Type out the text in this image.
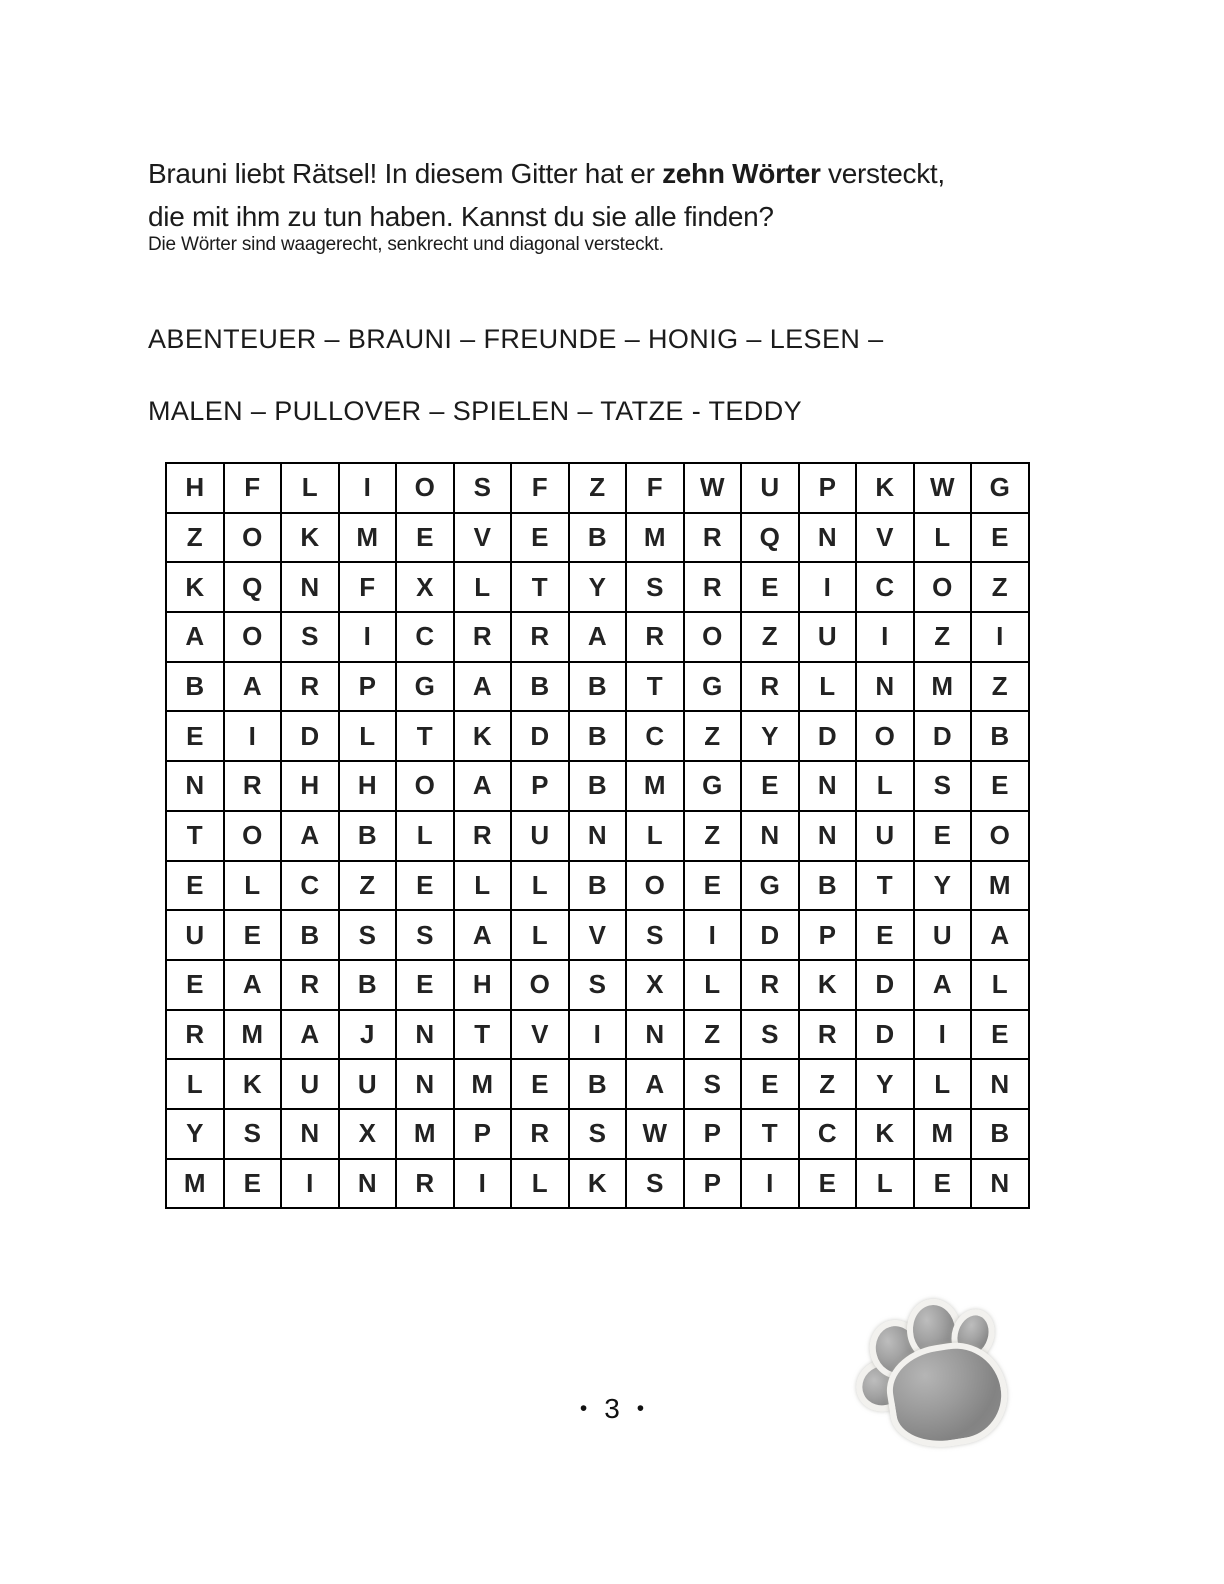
Brauni liebt Rätsel! In diesem Gitter hat er zehn Wörter versteckt,
die mit ihm zu tun haben. Kannst du sie alle finden?

Die Wörter sind waagerecht, senkrecht und diagonal versteckt.

ABENTEUER – BRAUNI – FREUNDE – HONIG – LESEN –

MALEN – PULLOVER – SPIELEN – TATZE - TEDDY

H	F	L	I	O	S	F	Z	F	W	U	P	K	W	G
Z	O	K	M	E	V	E	B	M	R	Q	N	V	L	E
K	Q	N	F	X	L	T	Y	S	R	E	I	C	O	Z
A	O	S	I	C	R	R	A	R	O	Z	U	I	Z	I
B	A	R	P	G	A	B	B	T	G	R	L	N	M	Z
E	I	D	L	T	K	D	B	C	Z	Y	D	O	D	B
N	R	H	H	O	A	P	B	M	G	E	N	L	S	E
T	O	A	B	L	R	U	N	L	Z	N	N	U	E	O
E	L	C	Z	E	L	L	B	O	E	G	B	T	Y	M
U	E	B	S	S	A	L	V	S	I	D	P	E	U	A
E	A	R	B	E	H	O	S	X	L	R	K	D	A	L
R	M	A	J	N	T	V	I	N	Z	S	R	D	I	E
L	K	U	U	N	M	E	B	A	S	E	Z	Y	L	N
Y	S	N	X	M	P	R	S	W	P	T	C	K	M	B
M	E	I	N	R	I	L	K	S	P	I	E	L	E	N
• 3 •
